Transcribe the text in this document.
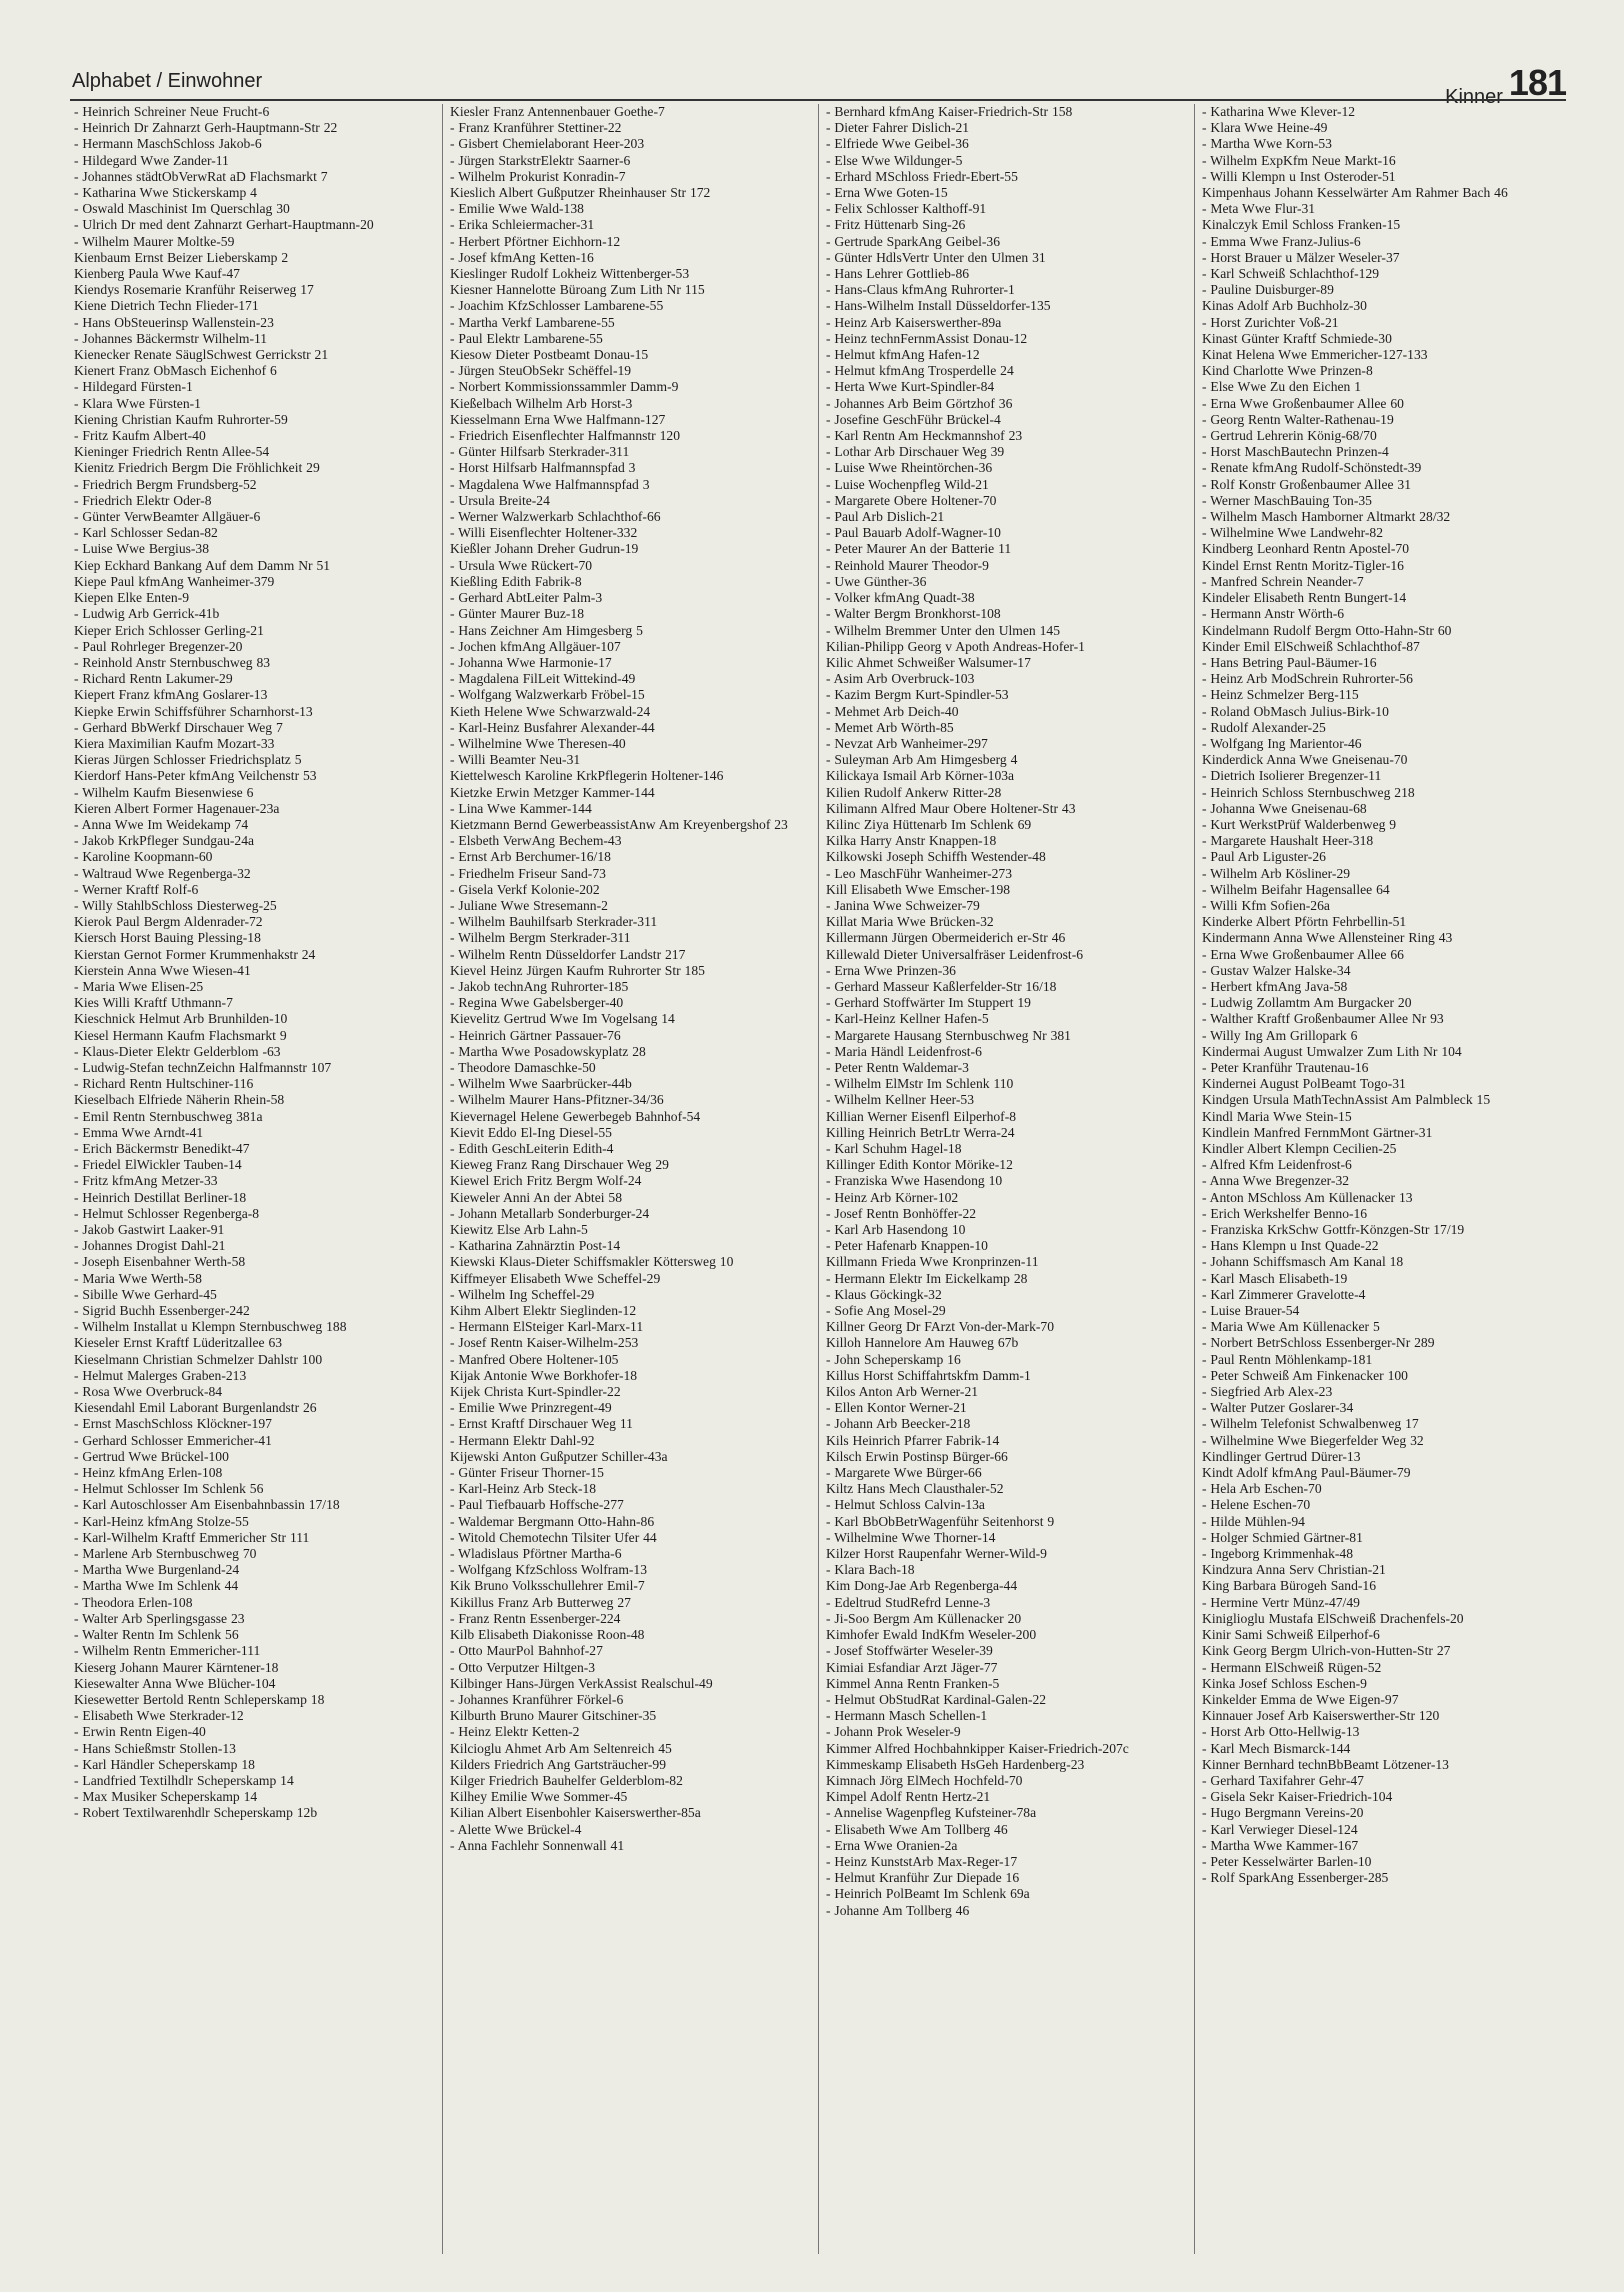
Alphabet / Einwohner
Kinner 181
- Heinrich Schreiner Neue Frucht-6
- Heinrich Dr Zahnarzt Gerh-Hauptmann-Str 22
- Hermann MaschSchloss Jakob-6
- Hildegard Wwe Zander-11
- Johannes städtObVerwRat aD Flachsmarkt 7
- Katharina Wwe Stickerskamp 4
- Oswald Maschinist Im Querschlag 30
- Ulrich Dr med dent Zahnarzt Gerhart-Hauptmann-20
- Wilhelm Maurer Moltke-59
Kienbaum Ernst Beizer Lieberskamp 2
Kienberg Paula Wwe Kauf-47
Kiendys Rosemarie Kranführ Reiserweg 17
Kiene Dietrich Techn Flieder-171
- Hans ObSteuerinsp Wallenstein-23
- Johannes Bäckermstr Wilhelm-11
Kienecker Renate SäuglSchwest Gerrickstr 21
Kienert Franz ObMasch Eichenhof 6
- Hildegard Fürsten-1
- Klara Wwe Fürsten-1
Kiening Christian Kaufm Ruhrorter-59
- Fritz Kaufm Albert-40
Kieninger Friedrich Rentn Allee-54
Kienitz Friedrich Bergm Die Fröhlichkeit 29
- Friedrich Bergm Frundsberg-52
- Friedrich Elektr Oder-8
- Günter VerwBeamter Allgäuer-6
- Karl Schlosser Sedan-82
- Luise Wwe Bergius-38
Kiep Eckhard Bankang Auf dem Damm Nr 51
Kiepe Paul kfmAng Wanheimer-379
Kiepen Elke Enten-9
- Ludwig Arb Gerrick-41b
Kieper Erich Schlosser Gerling-21
- Paul Rohrleger Bregenzer-20
- Reinhold Anstr Sternbuschweg 83
- Richard Rentn Lakumer-29
Kiepert Franz kfmAng Goslarer-13
Kiepke Erwin Schiffsführer Scharnhorst-13
- Gerhard BbWerkf Dirschauer Weg 7
Kiera Maximilian Kaufm Mozart-33
Kieras Jürgen Schlosser Friedrichsplatz 5
Kierdorf Hans-Peter kfmAng Veilchenstr 53
- Wilhelm Kaufm Biesenwiese 6
Kieren Albert Former Hagenauer-23a
- Anna Wwe Im Weidekamp 74
- Jakob KrkPfleger Sundgau-24a
- Karoline Koopmann-60
- Waltraud Wwe Regenberga-32
- Werner Kraftf Rolf-6
- Willy StahlbSchloss Diesterweg-25
Kierok Paul Bergm Aldenrader-72
Kiersch Horst Bauing Plessing-18
Kierstan Gernot Former Krummenhakstr 24
Kierstein Anna Wwe Wiesen-41
- Maria Wwe Elisen-25
Kies Willi Kraftf Uthmann-7
Kieschnick Helmut Arb Brunhilden-10
Kiesel Hermann Kaufm Flachsmarkt 9
- Klaus-Dieter Elektr Gelderblom -63
- Ludwig-Stefan technZeichn Halfmannstr 107
- Richard Rentn Hultschiner-116
Kieselbach Elfriede Näherin Rhein-58
- Emil Rentn Sternbuschweg 381a
- Emma Wwe Arndt-41
- Erich Bäckermstr Benedikt-47
- Friedel ElWickler Tauben-14
- Fritz kfmAng Metzer-33
- Heinrich Destillat Berliner-18
- Helmut Schlosser Regenberga-8
- Jakob Gastwirt Laaker-91
- Johannes Drogist Dahl-21
- Joseph Eisenbahner Werth-58
- Maria Wwe Werth-58
- Sibille Wwe Gerhard-45
- Sigrid Buchh Essenberger-242
- Wilhelm Installat u Klempn Sternbuschweg 188
Kieseler Ernst Kraftf Lüderitzallee 63
Kieselmann Christian Schmelzer Dahlstr 100
- Helmut Malerges Graben-213
- Rosa Wwe Overbruck-84
Kiesendahl Emil Laborant Burgenlandstr 26
- Ernst MaschSchloss Klöckner-197
- Gerhard Schlosser Emmericher-41
- Gertrud Wwe Brückel-100
- Heinz kfmAng Erlen-108
- Helmut Schlosser Im Schlenk 56
- Karl Autoschlosser Am Eisenbahnbassin 17/18
- Karl-Heinz kfmAng Stolze-55
- Karl-Wilhelm Kraftf Emmericher Str 111
- Marlene Arb Sternbuschweg 70
- Martha Wwe Burgenland-24
- Martha Wwe Im Schlenk 44
- Theodora Erlen-108
- Walter Arb Sperlingsgasse 23
- Walter Rentn Im Schlenk 56
- Wilhelm Rentn Emmericher-111
Kieserg Johann Maurer Kärntener-18
Kiesewalter Anna Wwe Blücher-104
Kiesewetter Bertold Rentn Schleperskamp 18
- Elisabeth Wwe Sterkrader-12
- Erwin Rentn Eigen-40
- Hans Schießmstr Stollen-13
- Karl Händler Scheperskamp 18
- Landfried Textilhdlr Scheperskamp 14
- Max Musiker Scheperskamp 14
- Robert Textilwarenhdlr Scheperskamp 12b
Kiesler Franz Antennenbauer Goethe-7
- Franz Kranführer Stettiner-22
- Gisbert Chemielaborant Heer-203
- Jürgen StarkstrElektr Saarner-6
- Wilhelm Prokurist Konradin-7
Kieslich Albert Gußputzer Rheinhauser Str 172
- Emilie Wwe Wald-138
- Erika Schleiermacher-31
- Herbert Pförtner Eichhorn-12
- Josef kfmAng Ketten-16
Kieslinger Rudolf Lokheiz Wittenberger-53
Kiesner Hannelotte Büroang Zum Lith Nr 115
- Joachim KfzSchlosser Lambarene-55
- Martha Verkf Lambarene-55
- Paul Elektr Lambarene-55
Kiesow Dieter Postbeamt Donau-15
- Jürgen SteuObSekr Schëffel-19
- Norbert Kommissionssammler Damm-9
Kießelbach Wilhelm Arb Horst-3
Kiesselmann Erna Wwe Halfmann-127
- Friedrich Eisenflechter Halfmannstr 120
- Günter Hilfsarb Sterkrader-311
- Horst Hilfsarb Halfmannspfad 3
- Magdalena Wwe Halfmannspfad 3
- Ursula Breite-24
- Werner Walzwerkarb Schlachthof-66
- Willi Eisenflechter Holtener-332
Kießler Johann Dreher Gudrun-19
- Ursula Wwe Rückert-70
Kießling Edith Fabrik-8
- Gerhard AbtLeiter Palm-3
- Günter Maurer Buz-18
- Hans Zeichner Am Himgesberg 5
- Jochen kfmAng Allgäuer-107
- Johanna Wwe Harmonie-17
- Magdalena FilLeit Wittekind-49
- Wolfgang Walzwerkarb Fröbel-15
Kieth Helene Wwe Schwarzwald-24
- Karl-Heinz Busfahrer Alexander-44
- Wilhelmine Wwe Theresen-40
- Willi Beamter Neu-31
Kiettelwesch Karoline KrkPflegerin Holtener-146
Kietzke Erwin Metzger Kammer-144
- Lina Wwe Kammer-144
Kietzmann Bernd GewerbeassistAnw Am Kreyenbergshof 23
- Elsbeth VerwAng Bechem-43
- Ernst Arb Berchumer-16/18
- Friedhelm Friseur Sand-73
- Gisela Verkf Kolonie-202
- Juliane Wwe Stresemann-2
- Wilhelm Bauhilfsarb Sterkrader-311
- Wilhelm Bergm Sterkrader-311
- Wilhelm Rentn Düsseldorfer Landstr 217
Kievel Heinz Jürgen Kaufm Ruhrorter Str 185
- Jakob technAng Ruhrorter-185
- Regina Wwe Gabelsberger-40
Kievelitz Gertrud Wwe Im Vogelsang 14
- Heinrich Gärtner Passauer-76
- Martha Wwe Posadowskyplatz 28
- Theodore Damaschke-50
- Wilhelm Wwe Saarbrücker-44b
- Wilhelm Maurer Hans-Pfitzner-34/36
Kievernagel Helene Gewerbegeb Bahnhof-54
Kievit Eddo El-Ing Diesel-55
- Edith GeschLeiterin Edith-4
Kieweg Franz Rang Dirschauer Weg 29
Kiewel Erich Fritz Bergm Wolf-24
Kieweler Anni An der Abtei 58
- Johann Metallarb Sonderburger-24
Kiewitz Else Arb Lahn-5
- Katharina Zahnärztin Post-14
Kiewski Klaus-Dieter Schiffsmakler Köttersweg 10
Kiffmeyer Elisabeth Wwe Scheffel-29
- Wilhelm Ing Scheffel-29
Kihm Albert Elektr Sieglinden-12
- Hermann ElSteiger Karl-Marx-11
- Josef Rentn Kaiser-Wilhelm-253
- Manfred Obere Holtener-105
Kijak Antonie Wwe Borkhofer-18
Kijek Christa Kurt-Spindler-22
- Emilie Wwe Prinzregent-49
- Ernst Kraftf Dirschauer Weg 11
- Hermann Elektr Dahl-92
Kijewski Anton Gußputzer Schiller-43a
- Günter Friseur Thorner-15
- Karl-Heinz Arb Steck-18
- Paul Tiefbauarb Hoffsche-277
- Waldemar Bergmann Otto-Hahn-86
- Witold Chemotechn Tilsiter Ufer 44
- Wladislaus Pförtner Martha-6
- Wolfgang KfzSchloss Wolfram-13
Kik Bruno Volksschullehrer Emil-7
Kikillus Franz Arb Butterweg 27
- Franz Rentn Essenberger-224
Kilb Elisabeth Diakonisse Roon-48
- Otto MaurPol Bahnhof-27
- Otto Verputzer Hiltgen-3
Kilbinger Hans-Jürgen VerkAssist Realschul-49
- Johannes Kranführer Förkel-6
Kilburth Bruno Maurer Gitschiner-35
- Heinz Elektr Ketten-2
Kilcioglu Ahmet Arb Am Seltenreich 45
Kilders Friedrich Ang Gartsträucher-99
Kilger Friedrich Bauhelfer Gelderblom-82
Kilhey Emilie Wwe Sommer-45
Kilian Albert Eisenbohler Kaiserswerther-85a
- Alette Wwe Brückel-4
- Anna Fachlehr Sonnenwall 41
- Bernhard kfmAng Kaiser-Friedrich-Str 158
- Dieter Fahrer Dislich-21
- Elfriede Wwe Geibel-36
- Else Wwe Wildunger-5
- Erhard MSchloss Friedr-Ebert-55
- Erna Wwe Goten-15
- Felix Schlosser Kalthoff-91
- Fritz Hüttenarb Sing-26
- Gertrude SparkAng Geibel-36
- Günter HdlsVertr Unter den Ulmen 31
- Hans Lehrer Gottlieb-86
- Hans-Claus kfmAng Ruhrorter-1
- Hans-Wilhelm Install Düsseldorfer-135
- Heinz Arb Kaiserswerther-89a
- Heinz technFernmAssist Donau-12
- Helmut kfmAng Hafen-12
- Helmut kfmAng Trosperdelle 24
- Herta Wwe Kurt-Spindler-84
- Johannes Arb Beim Görtzhof 36
- Josefine GeschFühr Brückel-4
- Karl Rentn Am Heckmannshof 23
- Lothar Arb Dirschauer Weg 39
- Luise Wwe Rheintörchen-36
- Luise Wochenpfleg Wild-21
- Margarete Obere Holtener-70
- Paul Arb Dislich-21
- Paul Bauarb Adolf-Wagner-10
- Peter Maurer An der Batterie 11
- Reinhold Maurer Theodor-9
- Uwe Günther-36
- Volker kfmAng Quadt-38
- Walter Bergm Bronkhorst-108
- Wilhelm Bremmer Unter den Ulmen 145
Kilian-Philipp Georg v Apoth Andreas-Hofer-1
Kilic Ahmet Schweißer Walsumer-17
- Asim Arb Overbruck-103
- Kazim Bergm Kurt-Spindler-53
- Mehmet Arb Deich-40
- Memet Arb Wörth-85
- Nevzat Arb Wanheimer-297
- Suleyman Arb Am Himgesberg 4
Kilickaya Ismail Arb Körner-103a
Kilien Rudolf Ankerw Ritter-28
Kilimann Alfred Maur Obere Holtener-Str 43
Kilinc Ziya Hüttenarb Im Schlenk 69
Kilka Harry Anstr Knappen-18
Kilkowski Joseph Schiffh Westender-48
- Leo MaschFühr Wanheimer-273
Kill Elisabeth Wwe Emscher-198
- Janina Wwe Schweizer-79
Killat Maria Wwe Brücken-32
Killermann Jürgen Obermeiderich er-Str 46
Killewald Dieter Universalfräser Leidenfrost-6
- Erna Wwe Prinzen-36
- Gerhard Masseur Kaßlerfelder-Str 16/18
- Gerhard Stoffwärter Im Stuppert 19
- Karl-Heinz Kellner Hafen-5
- Margarete Hausang Sternbuschweg Nr 381
- Maria Händl Leidenfrost-6
- Peter Rentn Waldemar-3
- Wilhelm ElMstr Im Schlenk 110
- Wilhelm Kellner Heer-53
Killian Werner Eisenfl Eilperhof-8
Killing Heinrich BetrLtr Werra-24
- Karl Schuhm Hagel-18
Killinger Edith Kontor Mörike-12
- Franziska Wwe Hasendong 10
- Heinz Arb Körner-102
- Josef Rentn Bonhöffer-22
- Karl Arb Hasendong 10
- Peter Hafenarb Knappen-10
Killmann Frieda Wwe Kronprinzen-11
- Hermann Elektr Im Eickelkamp 28
- Klaus Göckingk-32
- Sofie Ang Mosel-29
Killner Georg Dr FArzt Von-der-Mark-70
Killoh Hannelore Am Hauweg 67b
- John Scheperskamp 16
Killus Horst Schiffahrtskfm Damm-1
Kilos Anton Arb Werner-21
- Ellen Kontor Werner-21
- Johann Arb Beecker-218
Kils Heinrich Pfarrer Fabrik-14
Kilsch Erwin Postinsp Bürger-66
- Margarete Wwe Bürger-66
Kiltz Hans Mech Clausthaler-52
- Helmut Schloss Calvin-13a
- Karl BbObBetrWagenführ Seitenhorst 9
- Wilhelmine Wwe Thorner-14
Kilzer Horst Raupenfahr Werner-Wild-9
- Klara Bach-18
Kim Dong-Jae Arb Regenberga-44
- Edeltrud StudRefrd Lenne-3
- Ji-Soo Bergm Am Küllenacker 20
Kimhofer Ewald IndKfm Weseler-200
- Josef Stoffwärter Weseler-39
Kimiai Esfandiar Arzt Jäger-77
Kimmel Anna Rentn Franken-5
- Helmut ObStudRat Kardinal-Galen-22
- Hermann Masch Schellen-1
- Johann Prok Weseler-9
Kimmer Alfred Hochbahnkipper Kaiser-Friedrich-207c
Kimmeskamp Elisabeth HsGeh Hardenberg-23
Kimnach Jörg ElMech Hochfeld-70
Kimpel Adolf Rentn Hertz-21
- Annelise Wagenpfleg Kufsteiner-78a
- Elisabeth Wwe Am Tollberg 46
- Erna Wwe Oranien-2a
- Heinz KunststArb Max-Reger-17
- Helmut Kranführ Zur Diepade 16
- Heinrich PolBeamt Im Schlenk 69a
- Johanne Am Tollberg 46
- Katharina Wwe Klever-12
- Klara Wwe Heine-49
- Martha Wwe Korn-53
- Wilhelm ExpKfm Neue Markt-16
- Willi Klempn u Inst Osteroder-51
Kimpenhaus Johann Kesselwärter Am Rahmer Bach 46
- Meta Wwe Flur-31
Kinalczyk Emil Schloss Franken-15
- Emma Wwe Franz-Julius-6
- Horst Brauer u Mälzer Weseler-37
- Karl Schweiß Schlachthof-129
- Pauline Duisburger-89
Kinas Adolf Arb Buchholz-30
- Horst Zurichter Voß-21
Kinast Günter Kraftf Schmiede-30
Kinat Helena Wwe Emmericher-127-133
Kind Charlotte Wwe Prinzen-8
- Else Wwe Zu den Eichen 1
- Erna Wwe Großenbaumer Allee 60
- Georg Rentn Walter-Rathenau-19
- Gertrud Lehrerin König-68/70
- Horst MaschBautechn Prinzen-4
- Renate kfmAng Rudolf-Schönstedt-39
- Rolf Konstr Großenbaumer Allee 31
- Werner MaschBauing Ton-35
- Wilhelm Masch Hamborner Altmarkt 28/32
- Wilhelmine Wwe Landwehr-82
Kindberg Leonhard Rentn Apostel-70
Kindel Ernst Rentn Moritz-Tigler-16
- Manfred Schrein Neander-7
Kindeler Elisabeth Rentn Bungert-14
- Hermann Anstr Wörth-6
Kindelmann Rudolf Bergm Otto-Hahn-Str 60
Kinder Emil ElSchweiß Schlachthof-87
- Hans Betring Paul-Bäumer-16
- Heinz Arb ModSchrein Ruhrorter-56
- Heinz Schmelzer Berg-115
- Roland ObMasch Julius-Birk-10
- Rudolf Alexander-25
- Wolfgang Ing Marientor-46
Kinderdick Anna Wwe Gneisenau-70
- Dietrich Isolierer Bregenzer-11
- Heinrich Schloss Sternbuschweg 218
- Johanna Wwe Gneisenau-68
- Kurt WerkstPrüf Walderbenweg 9
- Margarete Haushalt Heer-318
- Paul Arb Liguster-26
- Wilhelm Arb Kösliner-29
- Wilhelm Beifahr Hagensallee 64
- Willi Kfm Sofien-26a
Kinderke Albert Pförtn Fehrbellin-51
Kindermann Anna Wwe Allensteiner Ring 43
- Erna Wwe Großenbaumer Allee 66
- Gustav Walzer Halske-34
- Herbert kfmAng Java-58
- Ludwig Zollamtm Am Burgacker 20
- Walther Kraftf Großenbaumer Allee Nr 93
- Willy Ing Am Grillopark 6
Kindermai August Umwalzer Zum Lith Nr 104
- Peter Kranführ Trautenau-16
Kindernei August PolBeamt Togo-31
Kindgen Ursula MathTechnAssist Am Palmbleck 15
Kindl Maria Wwe Stein-15
Kindlein Manfred FernmMont Gärtner-31
Kindler Albert Klempn Cecilien-25
- Alfred Kfm Leidenfrost-6
- Anna Wwe Bregenzer-32
- Anton MSchloss Am Küllenacker 13
- Erich Werkshelfer Benno-16
- Franziska KrkSchw Gottfr-Könzgen-Str 17/19
- Hans Klempn u Inst Quade-22
- Johann Schiffsmasch Am Kanal 18
- Karl Masch Elisabeth-19
- Karl Zimmerer Gravelotte-4
- Luise Brauer-54
- Maria Wwe Am Küllenacker 5
- Norbert BetrSchloss Essenberger-Nr 289
- Paul Rentn Möhlenkamp-181
- Peter Schweiß Am Finkenacker 100
- Siegfried Arb Alex-23
- Walter Putzer Goslarer-34
- Wilhelm Telefonist Schwalbenweg 17
- Wilhelmine Wwe Biegerfelder Weg 32
Kindlinger Gertrud Dürer-13
Kindt Adolf kfmAng Paul-Bäumer-79
- Hela Arb Eschen-70
- Helene Eschen-70
- Hilde Mühlen-94
- Holger Schmied Gärtner-81
- Ingeborg Krimmenhak-48
Kindzura Anna Serv Christian-21
King Barbara Bürogeh Sand-16
- Hermine Vertr Münz-47/49
Kiniglioglu Mustafa ElSchweiß Drachenfels-20
Kinir Sami Schweiß Eilperhof-6
Kink Georg Bergm Ulrich-von-Hutten-Str 27
- Hermann ElSchweiß Rügen-52
Kinka Josef Schloss Eschen-9
Kinkelder Emma de Wwe Eigen-97
Kinnauer Josef Arb Kaiserswerther-Str 120
- Horst Arb Otto-Hellwig-13
- Karl Mech Bismarck-144
Kinner Bernhard technBbBeamt Lötzener-13
- Gerhard Taxifahrer Gehr-47
- Gisela Sekr Kaiser-Friedrich-104
- Hugo Bergmann Vereins-20
- Karl Verwieger Diesel-124
- Martha Wwe Kammer-167
- Peter Kesselwärter Barlen-10
- Rolf SparkAng Essenberger-285
